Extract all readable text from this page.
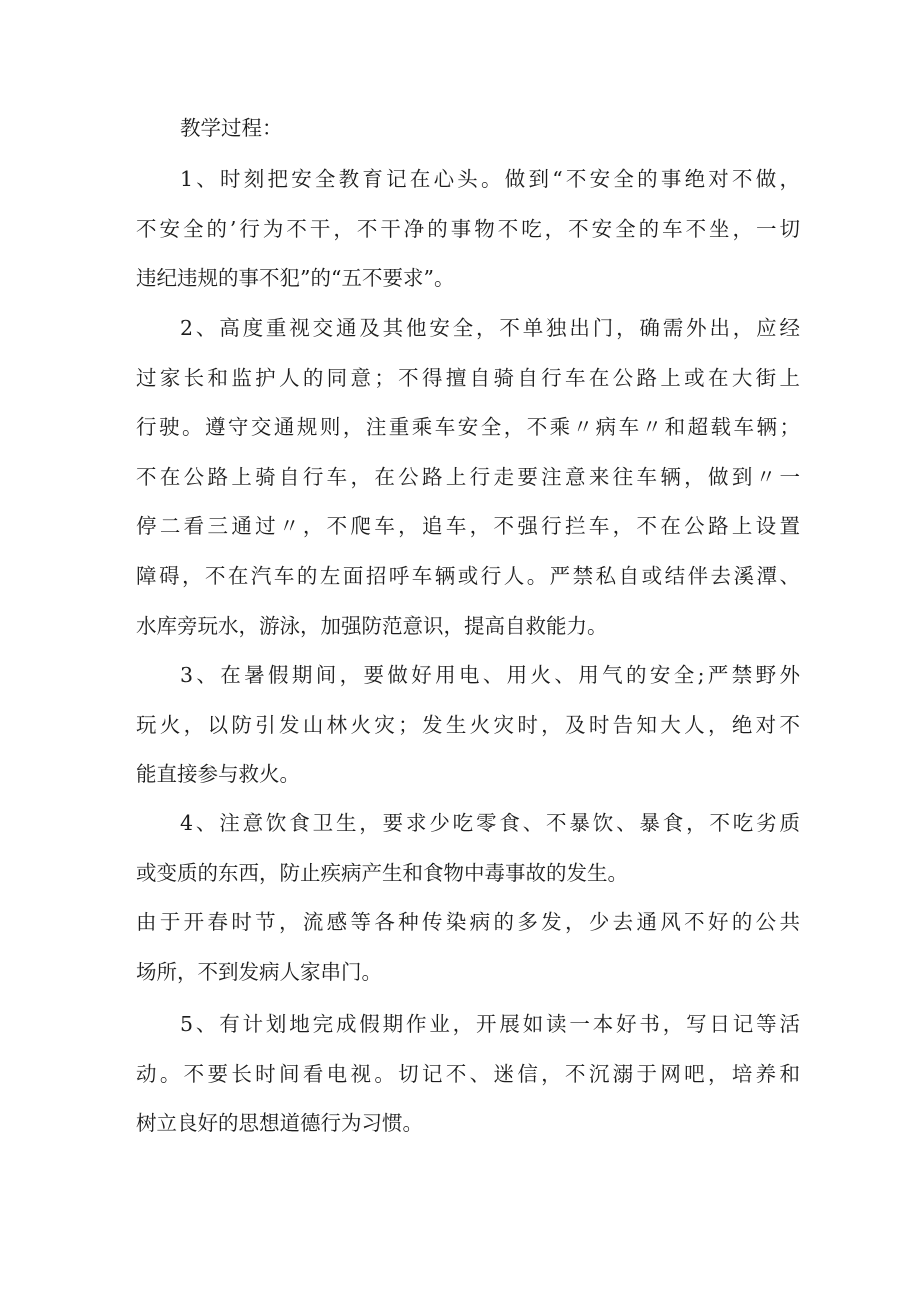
教学过程：
1、时刻把安全教育记在心头。做到“不安全的事绝对不做，
不安全的’行为不干，不干净的事物不吃，不安全的车不坐，一切
违纪违规的事不犯”的“五不要求”。
2、高度重视交通及其他安全，不单独出门，确需外出，应经
过家长和监护人的同意；不得擅自骑自行车在公路上或在大街上
行驶。遵守交通规则，注重乘车安全，不乘〃病车〃和超载车辆；
不在公路上骑自行车，在公路上行走要注意来往车辆，做到〃一
停二看三通过〃，不爬车，追车，不强行拦车，不在公路上设置
障碍，不在汽车的左面招呼车辆或行人。严禁私自或结伴去溪潭、
水库旁玩水，游泳，加强防范意识，提高自救能力。
3、在暑假期间，要做好用电、用火、用气的安全;严禁野外
玩火，以防引发山林火灾；发生火灾时，及时告知大人，绝对不
能直接参与救火。
4、注意饮食卫生，要求少吃零食、不暴饮、暴食，不吃劣质
或变质的东西，防止疾病产生和食物中毒事故的发生。
由于开春时节，流感等各种传染病的多发，少去通风不好的公共
场所，不到发病人家串门。
5、有计划地完成假期作业，开展如读一本好书，写日记等活
动。不要长时间看电视。切记不、迷信，不沉溺于网吧，培养和
树立良好的思想道德行为习惯。
